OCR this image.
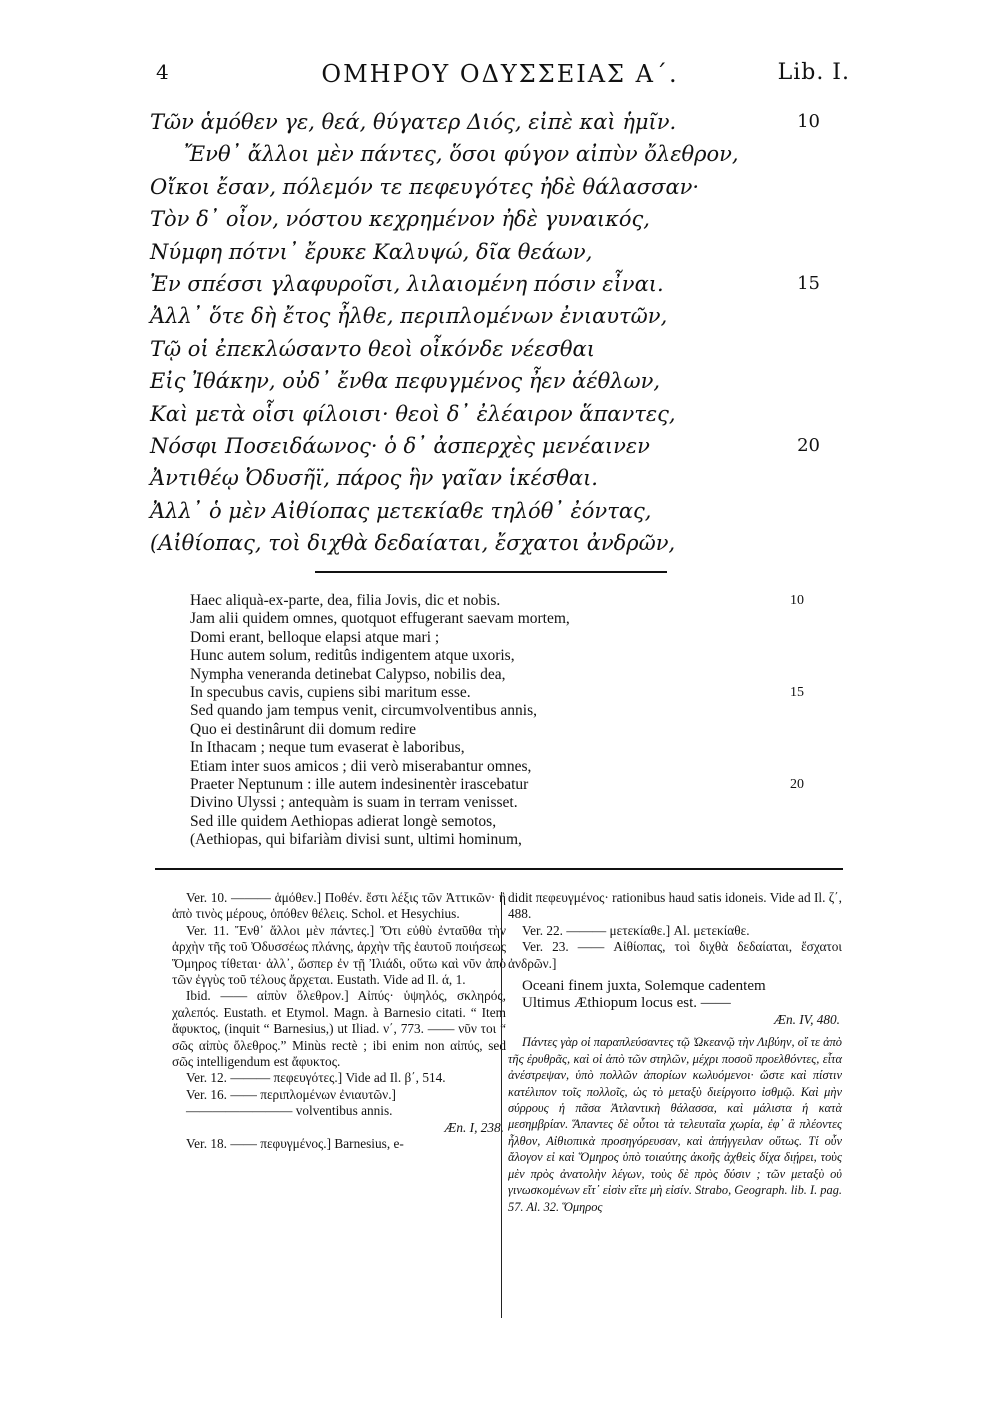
4	ΟΜΗΡΟΥ ΟΔΥΣΣΕΙΑΣ Α΄.	Lib. I.
Τῶν ἁμόθεν γε, θεά, θύγατερ Διός, εἰπὲ καὶ ἡμῖν.	10
Ἔνθ᾽ ἄλλοι μὲν πάντες, ὅσοι φύγον αἰπὺν ὄλεθρον,
Οἴκοι ἔσαν, πόλεμόν τε πεφευγότες ἠδὲ θάλασσαν·
Τὸν δ᾽ οἶον, νόστου κεχρημένον ἠδὲ γυναικός,
Νύμφη πότνι᾽ ἔρυκε Καλυψώ, δῖα θεάων,
Ἐν σπέσσι γλαφυροῖσι, λιλαιομένη πόσιν εἶναι.	15
Ἀλλ᾽ ὅτε δὴ ἔτος ἦλθε, περιπλομένων ἐνιαυτῶν,
Τῷ οἱ ἐπεκλώσαντο θεοὶ οἶκόνδε νέεσθαι
Εἰς Ἰθάκην, οὐδ᾽ ἔνθα πεφυγμένος ἦεν ἀέθλων,
Καὶ μετὰ οἷσι φίλοισι· θεοὶ δ᾽ ἐλέαιρον ἅπαντες,
Νόσφι Ποσειδάωνος· ὁ δ᾽ ἀσπερχὲς μενέαινεν	20
Ἀντιθέῳ Ὀδυσῆϊ, πάρος ἣν γαῖαν ἱκέσθαι.
Ἀλλ᾽ ὁ μὲν Αἰθίοπας μετεκίαθε τηλόθ᾽ ἐόντας,
(Αἰθίοπας, τοὶ διχθὰ δεδαίαται, ἔσχατοι ἀνδρῶν,
Haec aliquà-ex-parte, dea, filia Jovis, dic et nobis.	10
Jam alii quidem omnes, quotquot effugerant saevam mortem,
Domi erant, belloque elapsi atque mari ;
Hunc autem solum, reditûs indigentem atque uxoris,
Nympha veneranda detinebat Calypso, nobilis dea,
In specubus cavis, cupiens sibi maritum esse.	15
Sed quando jam tempus venit, circumvolventibus annis,
Quo ei destinârunt dii domum redire
In Ithacam ; neque tum evaserat è laboribus,
Etiam inter suos amicos ; dii verò miserabantur omnes,
Praeter Neptunum : ille autem indesinentèr irascebatur	20
Divino Ulyssi ; antequàm is suam in terram venisset.
Sed ille quidem Aethiopas adierat longè semotos,
(Aethiopas, qui bifariàm divisi sunt, ultimi hominum,

Ver. 10. ——— ἁμόθεν.] Ποθέν. ἔστι λέξις τῶν Ἀττικῶν· ἢ ἀπὸ τινὸς μέρους, ὁπόθεν θέλεις. Schol. et Hesychius.

Ver. 11. Ἔνθ᾽ ἄλλοι μὲν πάντες.] Ὅτι εὐθὺ ἐνταῦθα τὴν ἀρχὴν τῆς τοῦ Ὀδυσσέως πλάνης, ἀρχὴν τῆς ἑαυτοῦ ποιήσεως Ὅμηρος τίθεται· ἀλλ᾽, ὥσπερ ἐν τῇ Ἰλιάδι, οὕτω καὶ νῦν ἀπὸ τῶν ἐγγὺς τοῦ τέλους ἄρχεται. Eustath. Vide ad Il. ά, 1.

Ibid. —— αἰπὺν ὄλεθρον.] Αἰπύς· ὑψηλός, σκληρός, χαλεπός. Eustath. et Etymol. Magn. à Barnesio citati. “ Item ἄφυκτος, (inquit “ Barnesius,) ut Iliad. ν΄, 773. —— νῦν τοι “ σῶς αἰπὺς ὄλεθρος.” Minùs rectè ; ibi enim non αἰπύς, sed σῶς intelligendum est ἄφυκτος.

Ver. 12. ——— πεφευγότες.] Vide ad Il. β΄, 514.

Ver. 16. —— περιπλομένων ἐνιαυτῶν.]

———————— volventibus annis.

Æn. I, 238.

Ver. 18. —— πεφυγμένος.] Barnesius, e-

didit πεφευγμένος· rationibus haud satis idoneis. Vide ad Il. ζ΄, 488.

Ver. 22. ——— μετεκίαθε.] Al. μετεκίαθε.

Ver. 23. —— Αἰθίοπας, τοὶ διχθὰ δεδαίαται, ἔσχατοι ἀνδρῶν.]

Oceani finem juxta, Solemque cadentem

Ultimus Æthiopum locus est. ——

Æn. IV, 480.

Πάντες γὰρ οἱ παραπλεύσαντες τῷ Ὠκεανῷ τὴν Λιβύην, οἵ τε ἀπὸ τῆς ἐρυθρᾶς, καὶ οἱ ἀπὸ τῶν στηλῶν, μέχρι ποσοῦ προελθόντες, εἶτα ἀνέστρεψαν, ὑπὸ πολλῶν ἀπορίων κωλυόμενοι· ὥστε καὶ πίστιν κατέλιπον τοῖς πολλοῖς, ὡς τὸ μεταξὺ διείργοιτο ἰσθμῷ. Καὶ μὴν σύρρους ἡ πᾶσα Ἀτλαντικὴ θάλασσα, καὶ μάλιστα ἡ κατὰ μεσημβρίαν. Ἅπαντες δὲ οὗτοι τὰ τελευταῖα χωρία, ἐφ᾽ ἃ πλέοντες ἦλθον, Αἰθιοπικὰ προσηγόρευσαν, καὶ ἀπήγγειλαν οὕτως. Τί οὖν ἄλογον εἰ καὶ Ὅμηρος ὑπὸ τοιαύτης ἀκοῆς ἀχθεὶς δίχα διῄρει, τοὺς μὲν πρὸς ἀνατολὴν λέγων, τοὺς δὲ πρὸς δύσιν ; τῶν μεταξὺ οὐ γινωσκομένων εἴτ᾽ εἰσὶν εἴτε μὴ εἰσίν. Strabo, Geograph. lib. I. pag. 57. Al. 32. Ὅμηρος
